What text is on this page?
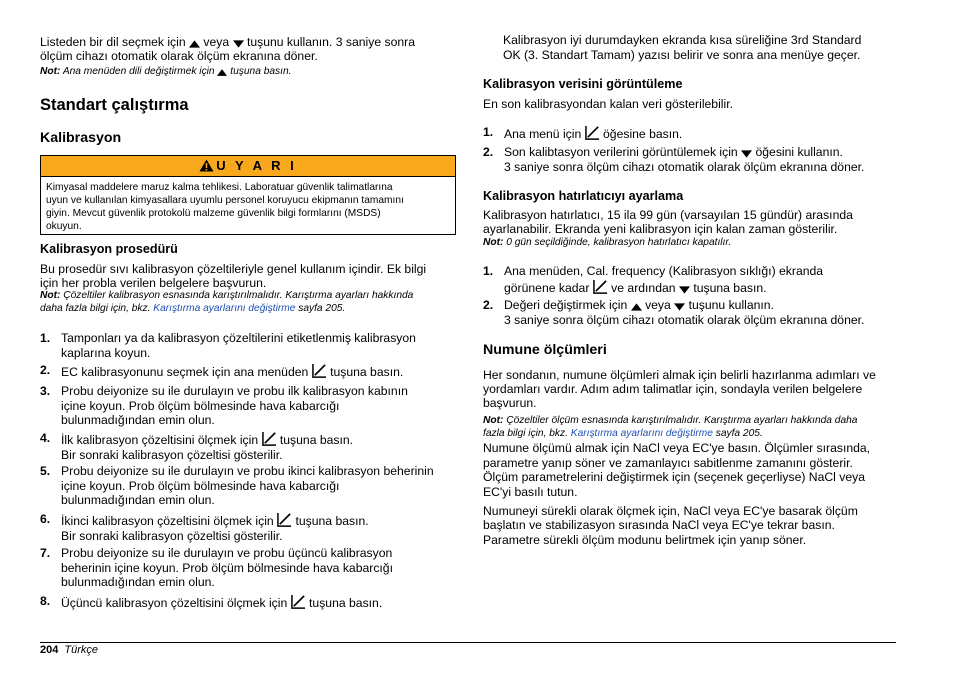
Listeden bir dil seçmek için veya tuşunu kullanın. 3 saniye sonra

ölçüm cihazı otomatik olarak ölçüm ekranına döner.

Not: Ana menüden dili değiştirmek için tuşuna basın.

Standart çalıştırma
Kalibrasyon
U Y A R I
Kimyasal maddelere maruz kalma tehlikesi. Laboratuar güvenlik talimatlarına
uyun ve kullanılan kimyasallara uyumlu personel koruyucu ekipmanın tamamını
giyin. Mevcut güvenlik protokolü malzeme güvenlik bilgi formlarını (MSDS)
okuyun.
Kalibrasyon prosedürü

Bu prosedür sıvı kalibrasyon çözeltileriyle genel kullanım içindir. Ek bilgi

için her probla verilen belgelere başvurun.

Not: Çözeltiler kalibrasyon esnasında karıştırılmalıdır. Karıştırma ayarları hakkında

daha fazla bilgi için, bkz. Karıştırma ayarlarını değiştirme sayfa 205.

1. Tamponları ya da kalibrasyon çözeltilerini etiketlenmiş kalibrasyon
kaplarına koyun.
2. EC kalibrasyonunu seçmek için ana menüden tuşuna basın.
3. Probu deiyonize su ile durulayın ve probu ilk kalibrasyon kabının
içine koyun. Prob ölçüm bölmesinde hava kabarcığı
bulunmadığından emin olun.
4. İlk kalibrasyon çözeltisini ölçmek için tuşuna basın.
Bir sonraki kalibrasyon çözeltisi gösterilir.
5. Probu deiyonize su ile durulayın ve probu ikinci kalibrasyon beherinin
içine koyun. Prob ölçüm bölmesinde hava kabarcığı
bulunmadığından emin olun.
6. İkinci kalibrasyon çözeltisini ölçmek için tuşuna basın.
Bir sonraki kalibrasyon çözeltisi gösterilir.
7. Probu deiyonize su ile durulayın ve probu üçüncü kalibrasyon
beherinin içine koyun. Prob ölçüm bölmesinde hava kabarcığı
bulunmadığından emin olun.
8. Üçüncü kalibrasyon çözeltisini ölçmek için tuşuna basın.

Kalibrasyon iyi durumdayken ekranda kısa süreliğine 3rd Standard

OK (3. Standart Tamam) yazısı belirir ve sonra ana menüye geçer.

Kalibrasyon verisini görüntüleme

En son kalibrasyondan kalan veri gösterilebilir.

1. Ana menü için öğesine basın.
2. Son kalibtasyon verilerini görüntülemek için öğesini kullanın.
3 saniye sonra ölçüm cihazı otomatik olarak ölçüm ekranına döner.
Kalibrasyon hatırlatıcıyı ayarlama

Kalibrasyon hatırlatıcı, 15 ila 99 gün (varsayılan 15 gündür) arasında

ayarlanabilir. Ekranda yeni kalibrasyon için kalan zaman gösterilir.

Not: 0 gün seçildiğinde, kalibrasyon hatırlatıcı kapatılır.

1. Ana menüden, Cal. frequency (Kalibrasyon sıklığı) ekranda
görünene kadar ve ardından tuşuna basın.
2. Değeri değiştirmek için veya tuşunu kullanın.
3 saniye sonra ölçüm cihazı otomatik olarak ölçüm ekranına döner.
Numune ölçümleri

Her sondanın, numune ölçümleri almak için belirli hazırlanma adımları ve

yordamları vardır. Adım adım talimatlar için, sondayla verilen belgelere

başvurun.

Not: Çözeltiler ölçüm esnasında karıştırılmalıdır. Karıştırma ayarları hakkında daha

fazla bilgi için, bkz. Karıştırma ayarlarını değiştirme sayfa 205.

Numune ölçümü almak için NaCl veya EC'ye basın. Ölçümler sırasında,

parametre yanıp söner ve zamanlayıcı sabitlenme zamanını gösterir.

Ölçüm parametrelerini değiştirmek için (seçenek geçerliyse) NaCl veya

EC'yi basılı tutun.

Numuneyi sürekli olarak ölçmek için, NaCl veya EC'ye basarak ölçüm

başlatın ve stabilizasyon sırasında NaCl veya EC'ye tekrar basın.

Parametre sürekli ölçüm modunu belirtmek için yanıp söner.

204 Türkçe
